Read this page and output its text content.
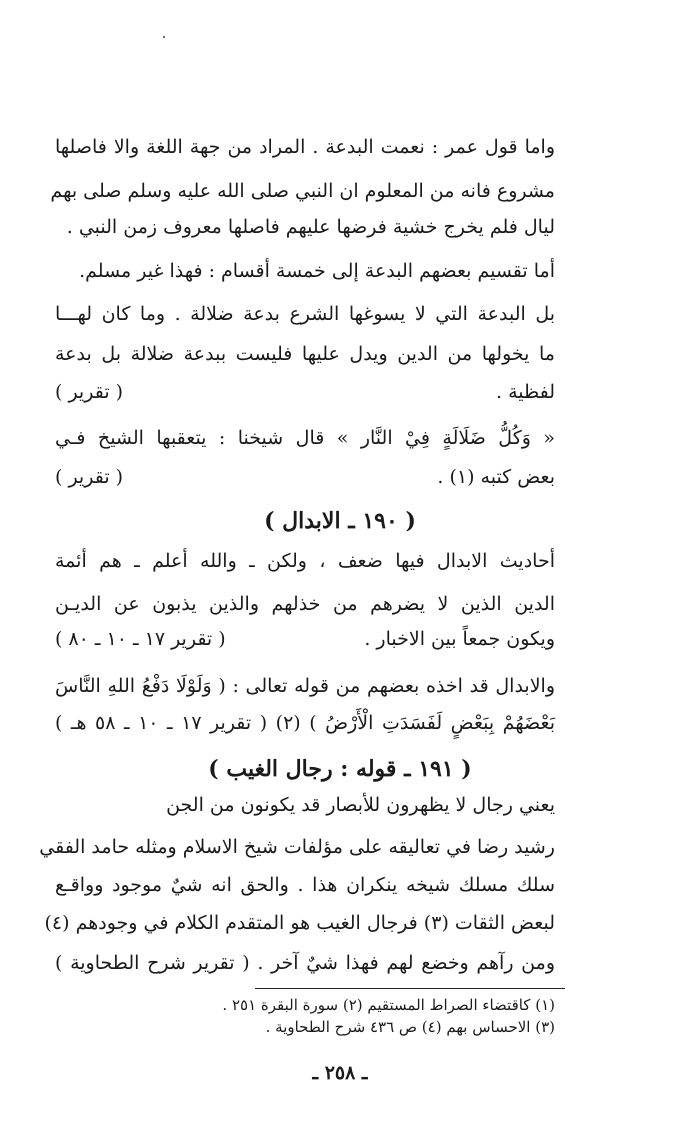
واما قول عمر : نعمت البدعة . المراد من جهة اللغة والا فاصلها
مشروع فانه من المعلوم ان النبي صلى الله عليه وسلم صلى بهم
ليال فلم يخرج خشية فرضها عليهم فاصلها معروف زمن النبي .
أما تقسيم بعضهم البدعة إلى خمسة أقسام : فهذا غير مسلم.
بل البدعة التي لا يسوغها الشرع بدعة ضلالة . وما كان لهـــا
ما يخولها من الدين ويدل عليها فليست ببدعة ضلالة بل بدعة
لفظية .
( تقرير )
« وَكُلُّ ضَلَالَةٍ فِيْ النَّار » قال شيخنا : يتعقبها الشيخ فـي
بعض كتبه (١) .
( تقرير )
( ١٩٠ ـ الابدال )
أحاديث الابدال فيها ضعف ، ولكن ـ والله أعلم ـ هم أئمة
الدين الذين لا يضرهم من خذلهم والذين يذبون عن الديـن
ويكون جمعاً بين الاخبار .
( تقرير ١٧ ـ ١٠ ـ ٨٠ )
والابدال قد اخذه بعضهم من قوله تعالى : ( وَلَوْلَا دَفْعُ اللهِ النَّاسَ
بَعْضَهُمْ بِبَعْضٍ لَفَسَدَتِ الْأَرْضُ ) (٢) ( تقرير ١٧ ـ ١٠ ـ ٥٨ هـ )
( ١٩١ ـ قوله : رجال الغيب )
يعني رجال لا يظهرون للأبصار قد يكونون من الجن
رشيد رضا في تعاليقه على مؤلفات شيخ الاسلام ومثله حامد الفقي
سلك مسلك شيخه ينكران هذا . والحق انه شيٌ موجود وواقـع
لبعض الثقات (٣) فرجال الغيب هو المتقدم الكلام في وجودهم (٤)
ومن رآهم وخضع لهم فهذا شيٌ آخر . ( تقرير شرح الطحاوية )
(١) كاقتضاء الصراط المستقيم (٢) سورة البقرة ٢٥١ .
(٣) الاحساس بهم (٤) ص ٤٣٦ شرح الطحاوية .
ـ ٢٥٨ ـ
